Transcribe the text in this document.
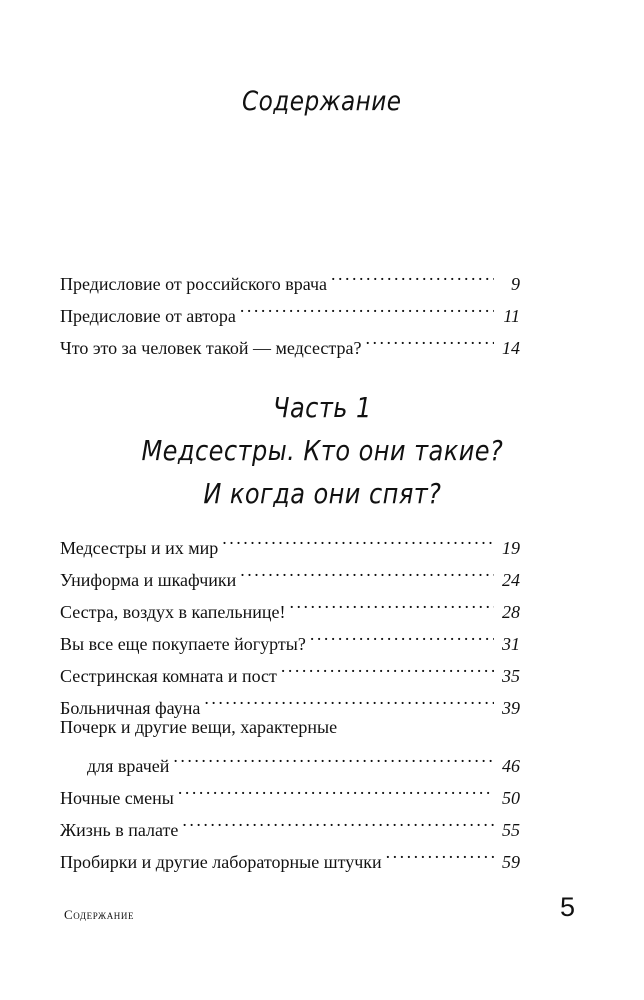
Содержание
Предисловие от российского врача . . .	9
Предисловие от автора . . .	11
Что это за человек такой — медсестра? . . .	14
Часть 1
Медсестры. Кто они такие?
И когда они спят?
Медсестры и их мир . . .	19
Униформа и шкафчики . . .	24
Сестра, воздух в капельнице! . . .	28
Вы все еще покупаете йогурты? . . .	31
Сестринская комната и пост . . .	35
Больничная фауна . . .	39
Почерк и другие вещи, характерные
для врачей . . .	46
Ночные смены . . .	50
Жизнь в палате . . .	55
Пробирки и другие лабораторные штучки . . .	59
Содержание	5
